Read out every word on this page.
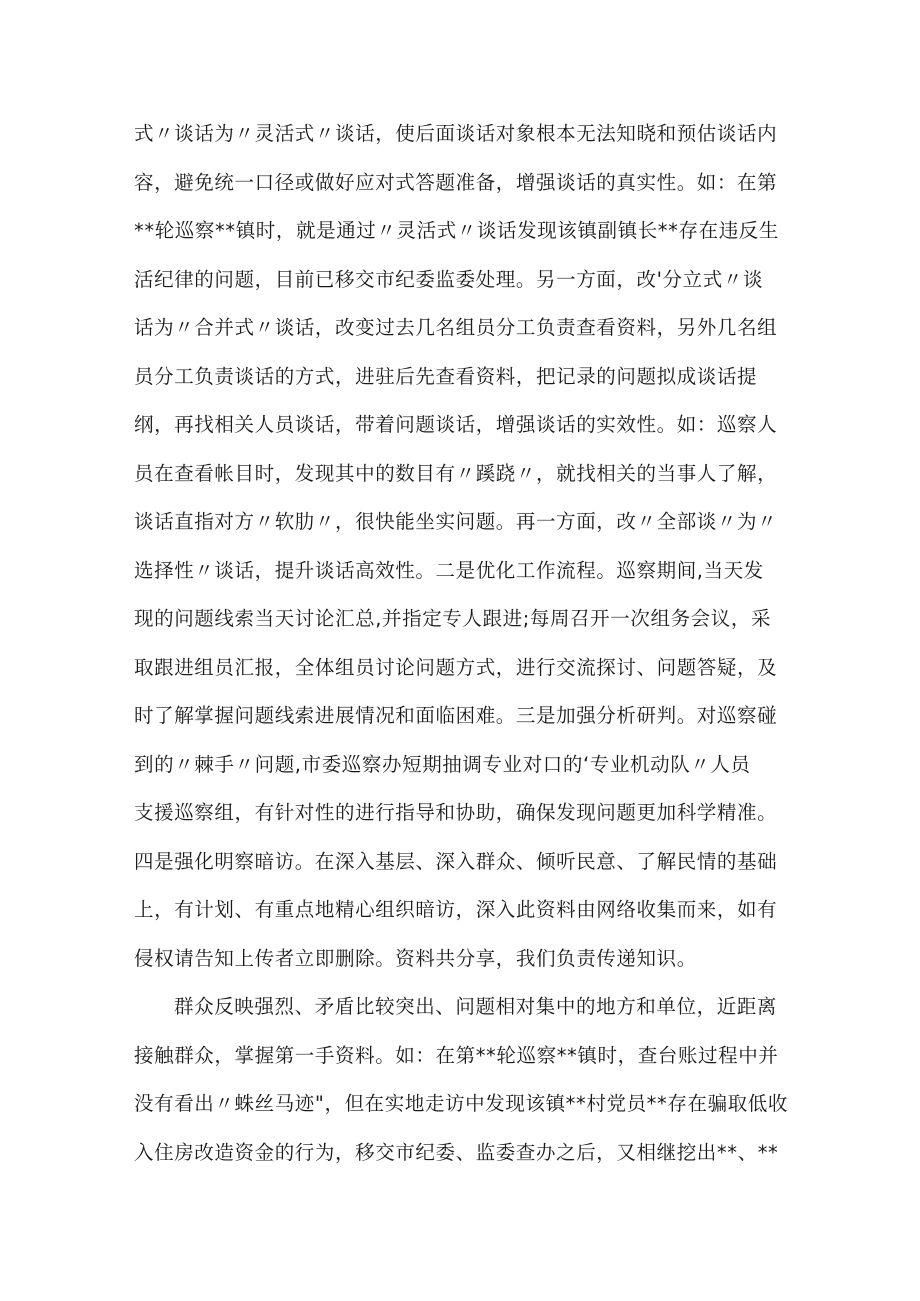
式〃谈话为〃灵活式〃谈话，使后面谈话对象根本无法知晓和预估谈话内
容，避免统一口径或做好应对式答题准备，增强谈话的真实性。如：在第
**轮巡察**镇时，就是通过〃灵活式〃谈话发现该镇副镇长**存在违反生
活纪律的问题，目前已移交市纪委监委处理。另一方面，改'分立式〃谈
话为〃合并式〃谈话，改变过去几名组员分工负责查看资料，另外几名组
员分工负责谈话的方式，进驻后先查看资料，把记录的问题拟成谈话提
纲，再找相关人员谈话，带着问题谈话，增强谈话的实效性。如：巡察人
员在查看帐目时，发现其中的数目有〃蹊跷〃，就找相关的当事人了解，
谈话直指对方〃软肋〃，很快能坐实问题。再一方面，改〃全部谈〃为〃
选择性〃谈话，提升谈话高效性。二是优化工作流程。巡察期间,当天发
现的问题线索当天讨论汇总,并指定专人跟进;每周召开一次组务会议，采
取跟进组员汇报，全体组员讨论问题方式，进行交流探讨、问题答疑，及
时了解掌握问题线索进展情况和面临困难。三是加强分析研判。对巡察碰
到的〃棘手〃问题,市委巡察办短期抽调专业对口的‘专业机动队〃人员
支援巡察组，有针对性的进行指导和协助，确保发现问题更加科学精准。
四是强化明察暗访。在深入基层、深入群众、倾听民意、了解民情的基础
上，有计划、有重点地精心组织暗访，深入此资料由网络收集而来，如有
侵权请告知上传者立即删除。资料共分享，我们负责传递知识。
群众反映强烈、矛盾比较突出、问题相对集中的地方和单位，近距离
接触群众，掌握第一手资料。如：在第**轮巡察**镇时，查台账过程中并
没有看出〃蛛丝马迹"，但在实地走访中发现该镇**村党员**存在骗取低收
入住房改造资金的行为，移交市纪委、监委查办之后，又相继挖出**、**
